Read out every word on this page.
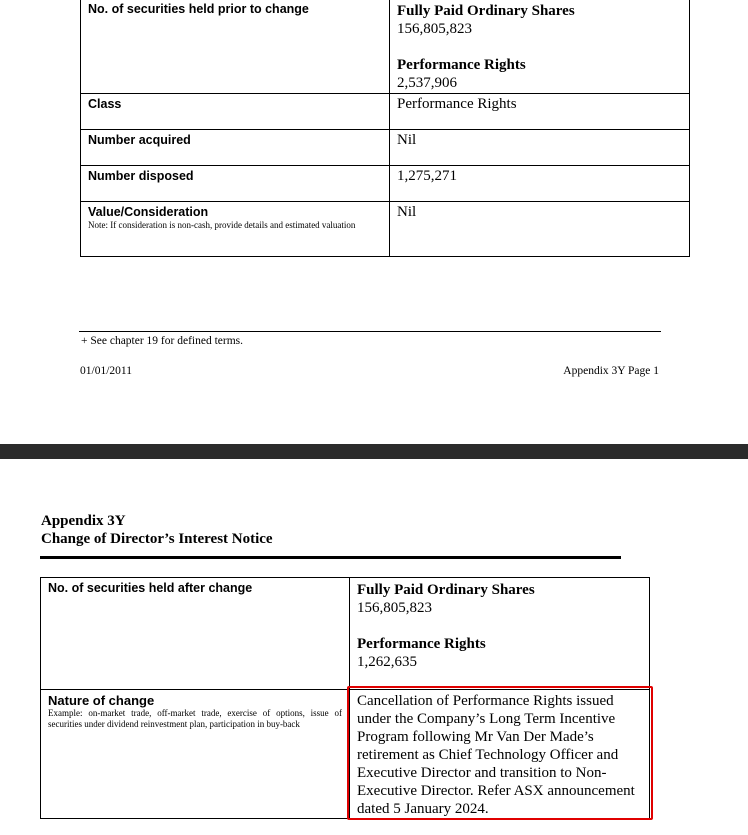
No. of securities held prior to change	Fully Paid Ordinary Shares
156,805,823
Performance Rights
2,537,906

Class	Performance Rights

Number acquired	Nil

Number disposed	1,275,271

Value/Consideration
Note: If consideration is non-cash, provide details and estimated valuation	Nil
+ See chapter 19 for defined terms.
01/01/2011	Appendix 3Y Page 1
Appendix 3Y
Change of Director’s Interest Notice
No. of securities held after change	Fully Paid Ordinary Shares
156,805,823
Performance Rights
1,262,635

Nature of change
Example: on-market trade, off-market trade, exercise of options, issue of securities under dividend reinvestment plan, participation in buy-back	Cancellation of Performance Rights issued under the Company’s Long Term Incentive Program following Mr Van Der Made’s retirement as Chief Technology Officer and Executive Director and transition to Non-Executive Director. Refer ASX announcement dated 5 January 2024.
